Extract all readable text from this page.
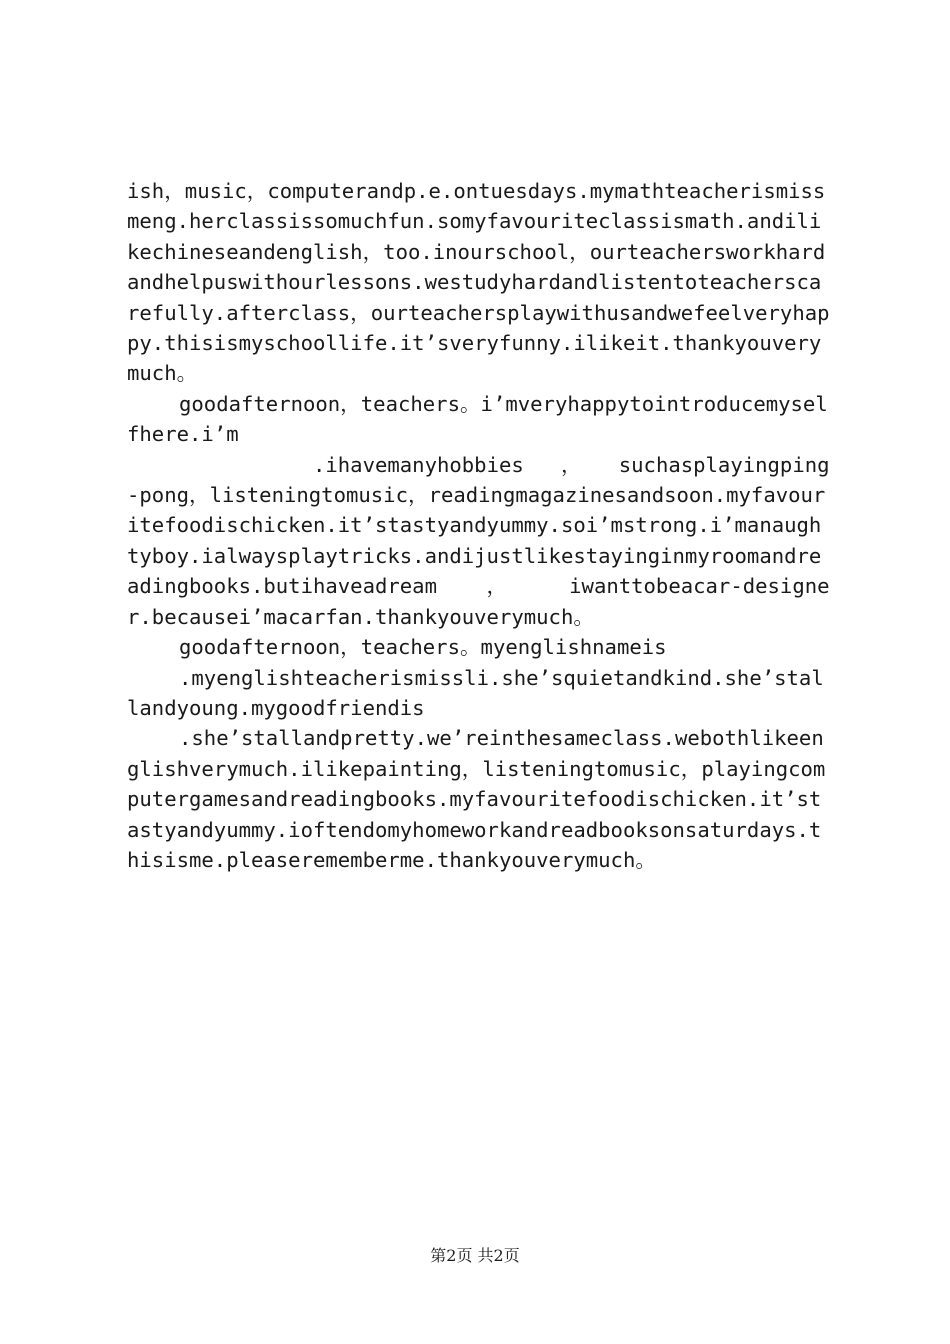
ish，music，computerandp.e.ontuesdays.mymathteacherismissmeng.herclassissomuchfun.somyfavouriteclassismath.andilikechineseandenglish，too.inourschool，ourteachersworkhardandhelpuswithourlessons.westudyhardandlistentoteacherscarefully.afterclass，ourteachersplaywithusandwefeelveryhappy.thisismyschoollife.it’sveryfunny.ilikeit.thankyouverymuch。

goodafternoon，teachers。i’mveryhappytointroducemyselfhere.i’m

.ihavemanyhobbies   ，   suchasplayingping-pong，listeningtomusic，readingmagazinesandsoon.myfavouritefoodischicken.it’stastyandyummy.soi’mstrong.i’manaughtyboy.ialwaysplaytricks.andijustlikestayinginmyroomandreadingbooks.butihaveadream    ，     iwanttobeacar-designer.becausei’macarfan.thankyouverymuch。

goodafternoon，teachers。myenglishnameis

.myenglishteacherismissli.she’squietandkind.she’stallandyoung.mygoodfriendis

.she’stallandpretty.we’reinthesameclass.webothlikeenglishverymuch.ilikepainting，listeningtomusic，playingcomputergamesandreadingbooks.myfavouritefoodischicken.it’stastyandyummy.ioftendomyhomeworkandreadbooksonsaturdays.thisisme.pleaserememberme.thankyouverymuch。

第2页 共2页
